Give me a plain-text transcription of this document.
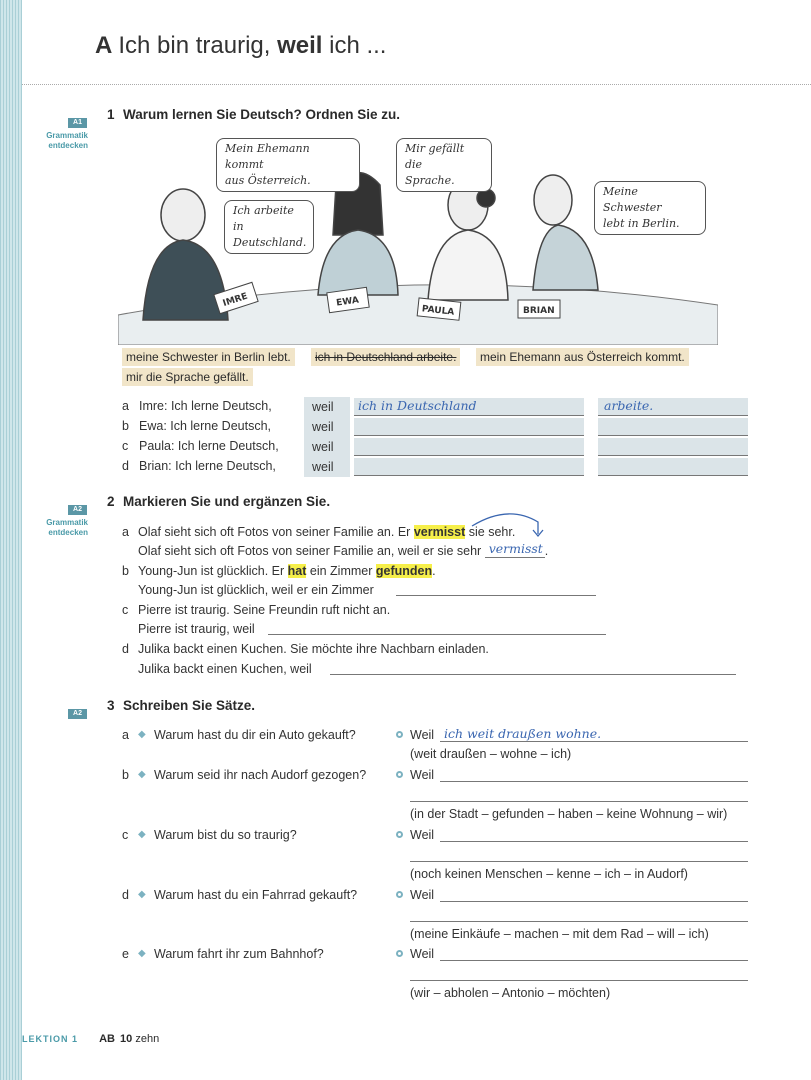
A Ich bin traurig, weil ich ...
A1
Grammatik
entdecken
1 Warum lernen Sie Deutsch? Ordnen Sie zu.
IMRE	EWA
PAULA	BRIAN
Mein Ehemann kommt
aus Österreich.
Mir gefällt die
Sprache.
Ich arbeite in
Deutschland.
Meine Schwester
lebt in Berlin.
meine Schwester in Berlin lebt.	ich in Deutschland arbeite.	mein Ehemann aus Österreich kommt.
mir die Sprache gefällt.
a Imre: Ich lerne Deutsch,	weil	ich in Deutschland	arbeite.
b Ewa: Ich lerne Deutsch,	weil
c Paula: Ich lerne Deutsch,	weil
d Brian: Ich lerne Deutsch,	weil
A2
Grammatik
entdecken
2 Markieren Sie und ergänzen Sie.
a Olaf sieht sich oft Fotos von seiner Familie an. Er vermisst sie sehr.
Olaf sieht sich oft Fotos von seiner Familie an, weil er sie sehr vermisst .
b Young-Jun ist glücklich. Er hat ein Zimmer gefunden.
Young-Jun ist glücklich, weil er ein Zimmer
c Pierre ist traurig. Seine Freundin ruft nicht an.
Pierre ist traurig, weil
d Julika backt einen Kuchen. Sie möchte ihre Nachbarn einladen.
Julika backt einen Kuchen, weil
A2
3 Schreiben Sie Sätze.
a ◆ Warum hast du dir ein Auto gekauft?	Weil ich weit draußen wohne.
(weit draußen – wohne – ich)
b ◆ Warum seid ihr nach Audorf gezogen?	Weil
(in der Stadt – gefunden – haben – keine Wohnung – wir)
c ◆ Warum bist du so traurig?	Weil
(noch keinen Menschen – kenne – ich – in Audorf)
d ◆ Warum hast du ein Fahrrad gekauft?	Weil
(meine Einkäufe – machen – mit dem Rad – will – ich)
e ◆ Warum fahrt ihr zum Bahnhof?	Weil
(wir – abholen – Antonio – möchten)
LEKTION 1 AB 10 zehn
